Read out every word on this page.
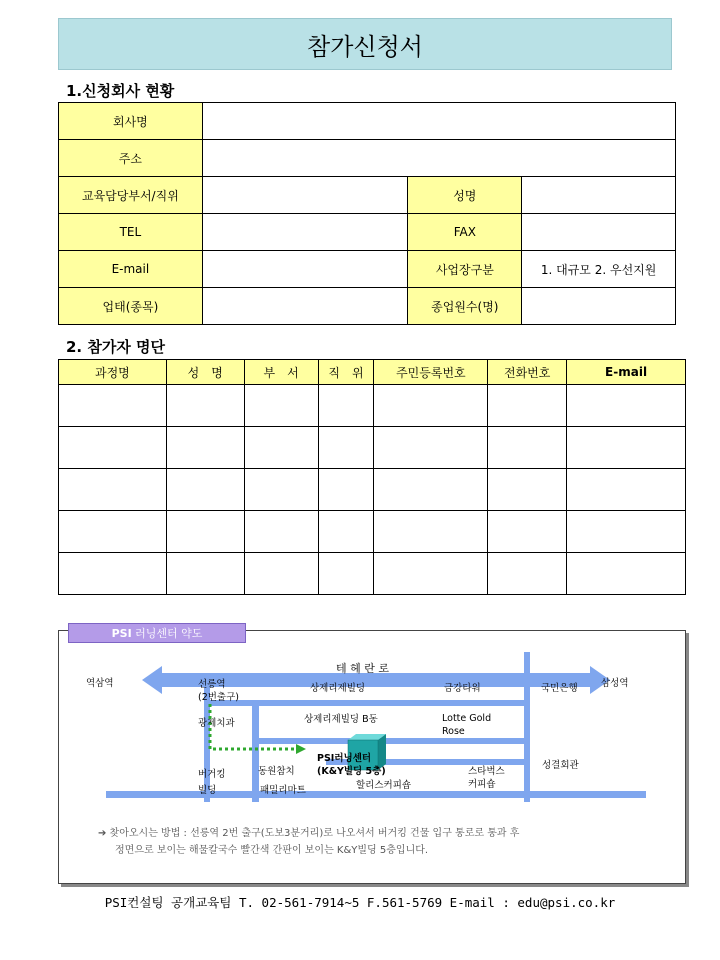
참가신청서
1.신청회사 현황
회사명			
주소			
교육담당부서/직위		성명	
TEL		FAX	
E-mail		사업장구분	1. 대규모 2. 우선지원
업태(종목)		종업원수(명)	
2. 참가자 명단
과정명	성　명	부　서	직　위	주민등록번호	전화번호	E-mail

테 헤 란 로
역삼역	삼성역
선릉역
(2번출구)
상제리제빌딩	금강타워	국민은행
광제치과	상제리제빌딩 B동	Lotte Gold
Rose
PSI러닝센터
(K&Y빌딩 5층)
버거킹
빌딩
동원참치
패밀리마트	할리스커피숍
스타벅스
커피숍
성결회관
➔ 찾아오시는 방법 : 선릉역 2번 출구(도보3분거리)로 나오셔서 버거킹 건물 입구 통로로 통과 후
정면으로 보이는 해물칼국수 빨간색 간판이 보이는 K&Y빌딩 5층입니다.
PSI
러닝센터 약도
PSI컨설팅 공개교육팀 T. 02-561-7914~5 F.561-5769 E-mail : edu@psi.co.kr
